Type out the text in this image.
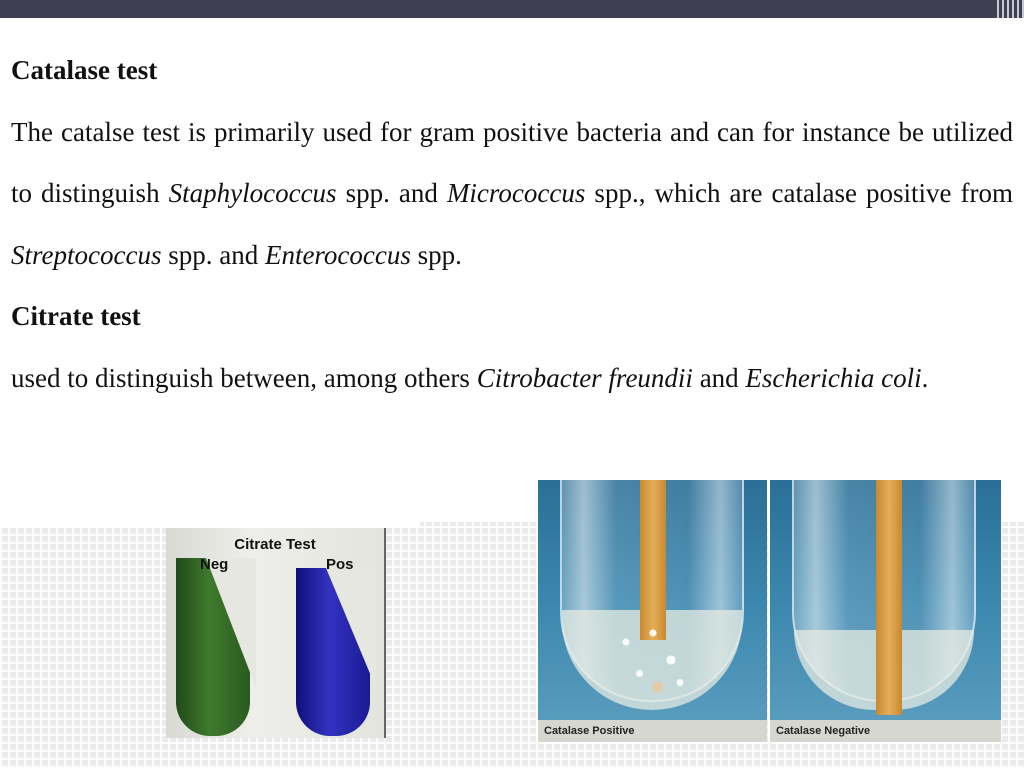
Catalase test

The catalse test is primarily used for gram positive bacteria and can for instance be utilized to distinguish Staphylococcus spp. and Micrococcus spp., which are catalase positive from Streptococcus spp. and Enterococcus spp.

Citrate test

used to distinguish between, among others Citrobacter freundii and Escherichia coli.

Citrate Test
Neg	Pos
Catalase Positive	Catalase Negative
